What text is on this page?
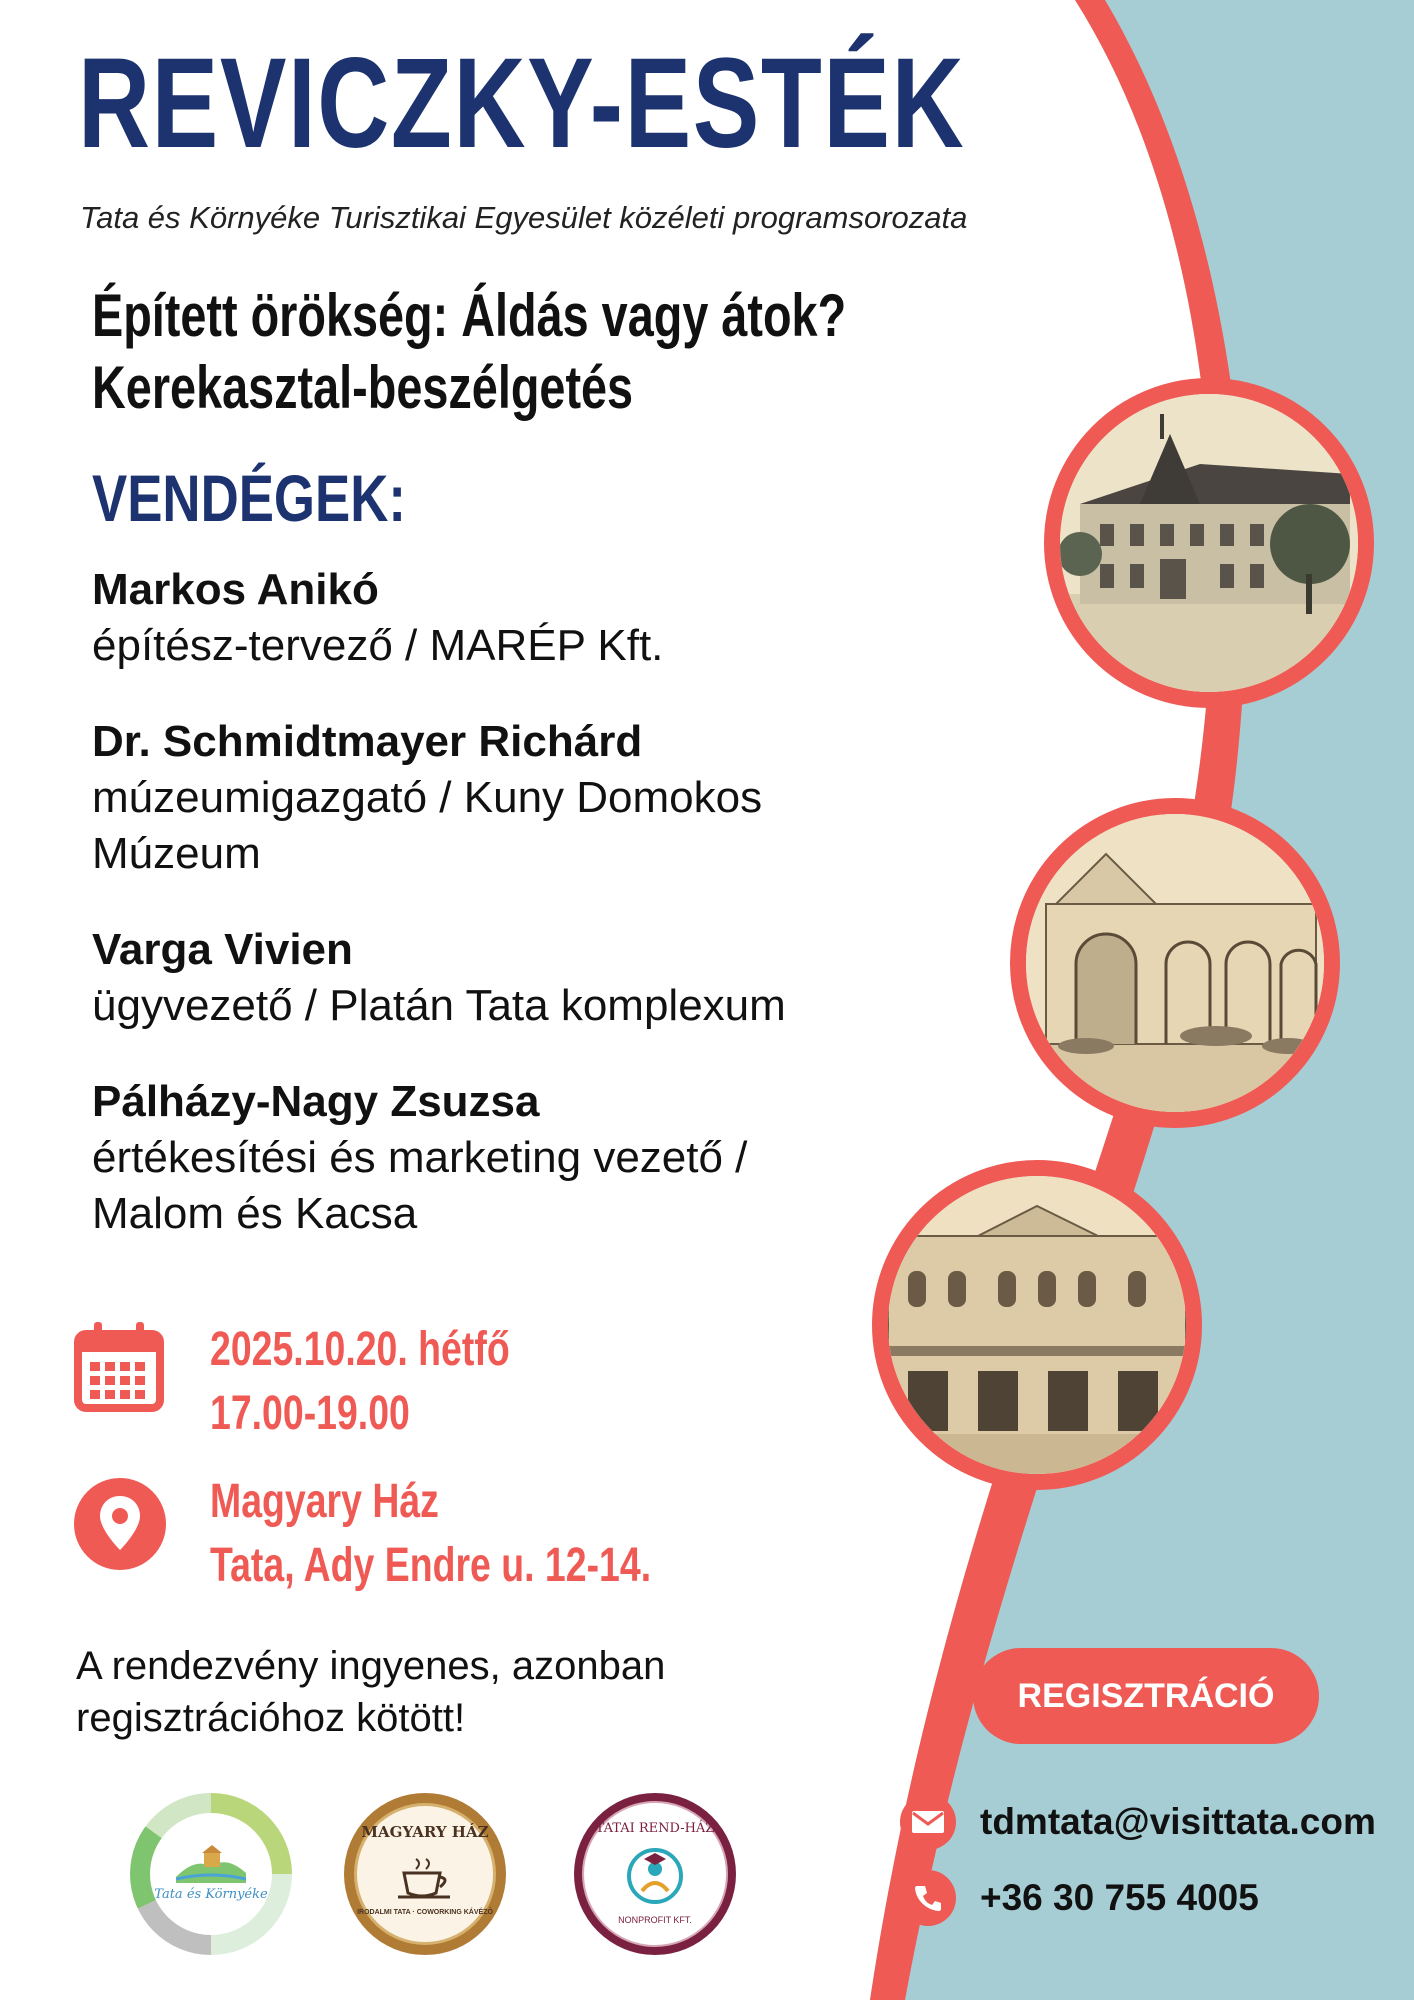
REVICZKY-ESTÉK
Tata és Környéke Turisztikai Egyesület közéleti programsorozata
Épített örökség: Áldás vagy átok?
Kerekasztal-beszélgetés
VENDÉGEK:
Markos Anikó
építész-tervező / MARÉP Kft.
Dr. Schmidtmayer Richárd
múzeumigazgató / Kuny Domokos
Múzeum
Varga Vivien
ügyvezető / Platán Tata komplexum
Pálházy-Nagy Zsuzsa
értékesítési és marketing vezető /
Malom és Kacsa
2025.10.20. hétfő
17.00-19.00
Magyary Ház
Tata, Ady Endre u. 12-14.
A rendezvény ingyenes, azonban
regisztrációhoz kötött!
REGISZTRÁCIÓ
tdmtata@visittata.com
+36 30 755 4005
Tata és Környéke
MAGYARY HÁZ
IRODALMI TATA · COWORKING KÁVÉZÓ
TATAI REND-HÁZ
NONPROFIT KFT.
